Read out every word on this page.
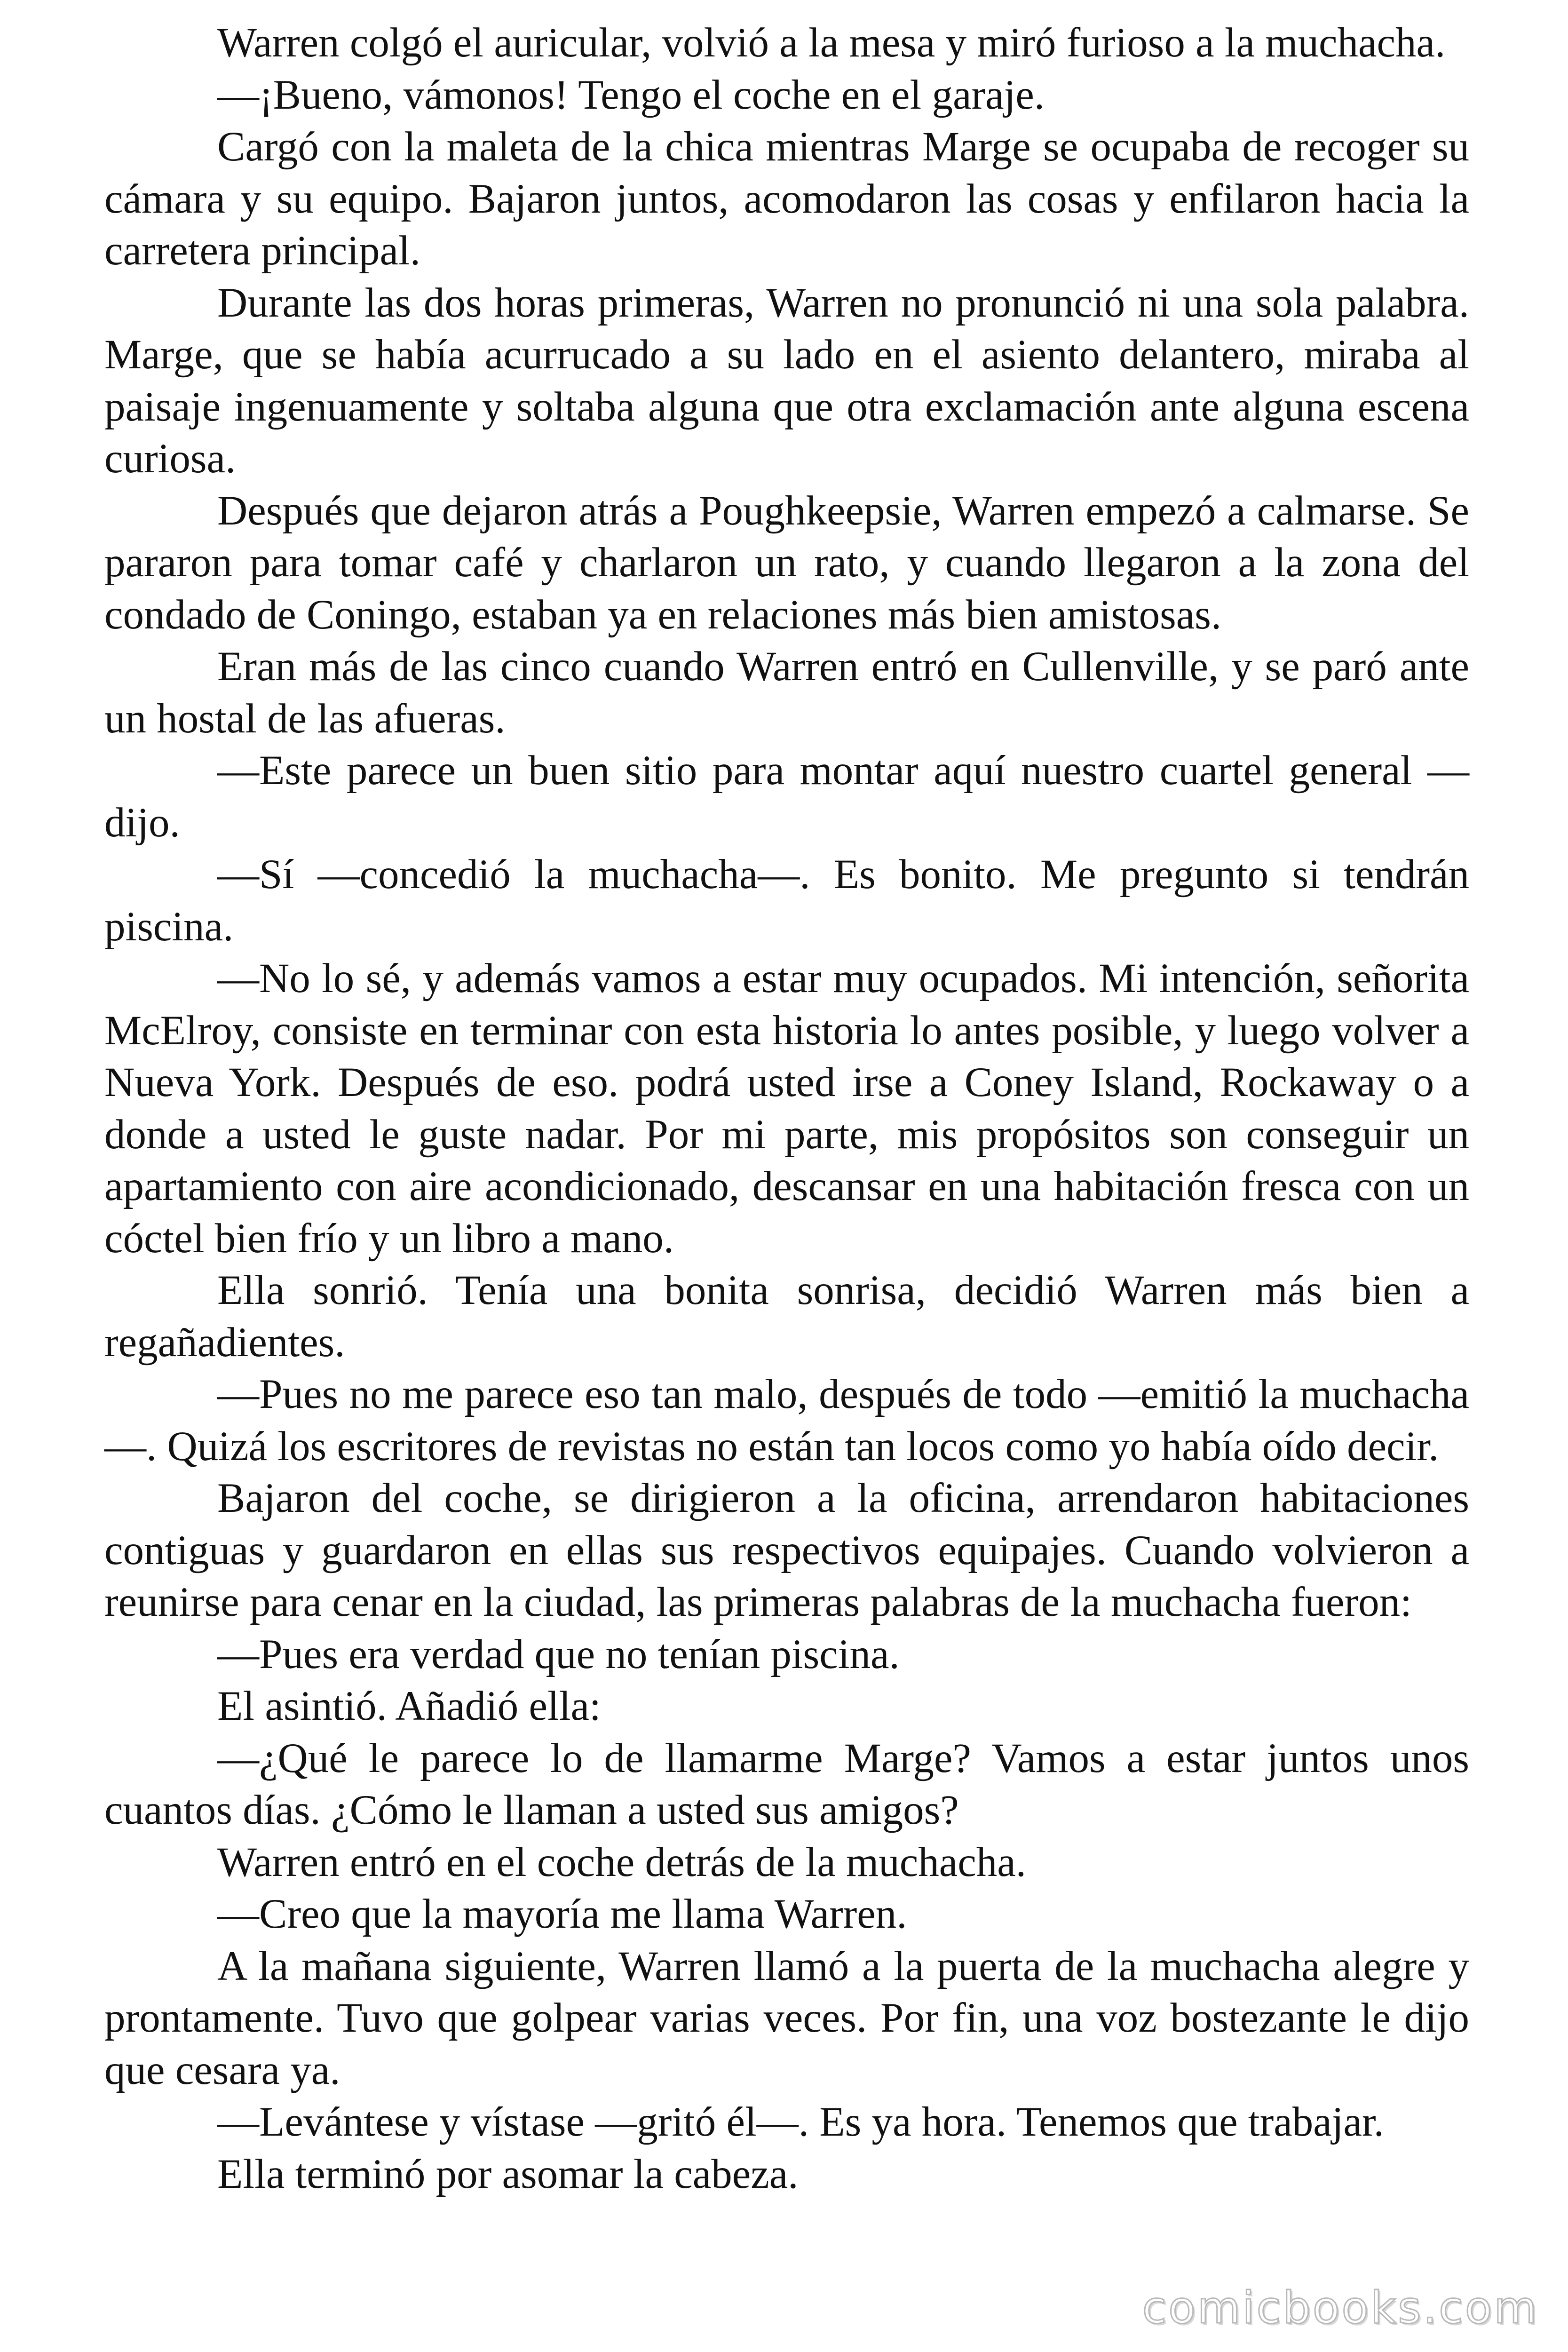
Warren colgó el auricular, volvió a la mesa y miró furioso a la muchacha.

—¡Bueno, vámonos! Tengo el coche en el garaje.

Cargó con la maleta de la chica mientras Marge se ocupaba de recoger su cámara y su equipo. Bajaron juntos, acomodaron las cosas y enfilaron hacia la carretera principal.

Durante las dos horas primeras, Warren no pronunció ni una sola palabra. Marge, que se había acurrucado a su lado en el asiento delantero, miraba al paisaje ingenuamente y soltaba alguna que otra exclamación ante alguna escena curiosa.

Después que dejaron atrás a Poughkeepsie, Warren empezó a calmarse. Se pararon para tomar café y charlaron un rato, y cuando llegaron a la zona del condado de Coningo, estaban ya en relaciones más bien amistosas.

Eran más de las cinco cuando Warren entró en Cullenville, y se paró ante un hostal de las afueras.

—Este parece un buen sitio para montar aquí nuestro cuartel general —dijo.

—Sí —concedió la muchacha—. Es bonito. Me pregunto si tendrán piscina.

—No lo sé, y además vamos a estar muy ocupados. Mi intención, señorita McElroy, consiste en terminar con esta historia lo antes posible, y luego volver a Nueva York. Después de eso. podrá usted irse a Coney Island, Rockaway o a donde a usted le guste nadar. Por mi parte, mis propósitos son conseguir un apartamiento con aire acondicionado, descansar en una habitación fresca con un cóctel bien frío y un libro a mano.

Ella sonrió. Tenía una bonita sonrisa, decidió Warren más bien a regañadientes.

—Pues no me parece eso tan malo, después de todo —emitió la muchacha—. Quizá los escritores de revistas no están tan locos como yo había oído decir.

Bajaron del coche, se dirigieron a la oficina, arrendaron habitaciones contiguas y guardaron en ellas sus respectivos equipajes. Cuando volvieron a reunirse para cenar en la ciudad, las primeras palabras de la muchacha fueron:

—Pues era verdad que no tenían piscina.

El asintió. Añadió ella:

—¿Qué le parece lo de llamarme Marge? Vamos a estar juntos unos cuantos días. ¿Cómo le llaman a usted sus amigos?

Warren entró en el coche detrás de la muchacha.

—Creo que la mayoría me llama Warren.

A la mañana siguiente, Warren llamó a la puerta de la muchacha alegre y prontamente. Tuvo que golpear varias veces. Por fin, una voz bostezante le dijo que cesara ya.

—Levántese y vístase —gritó él—. Es ya hora. Tenemos que trabajar.

Ella terminó por asomar la cabeza.

comicbooks.com
